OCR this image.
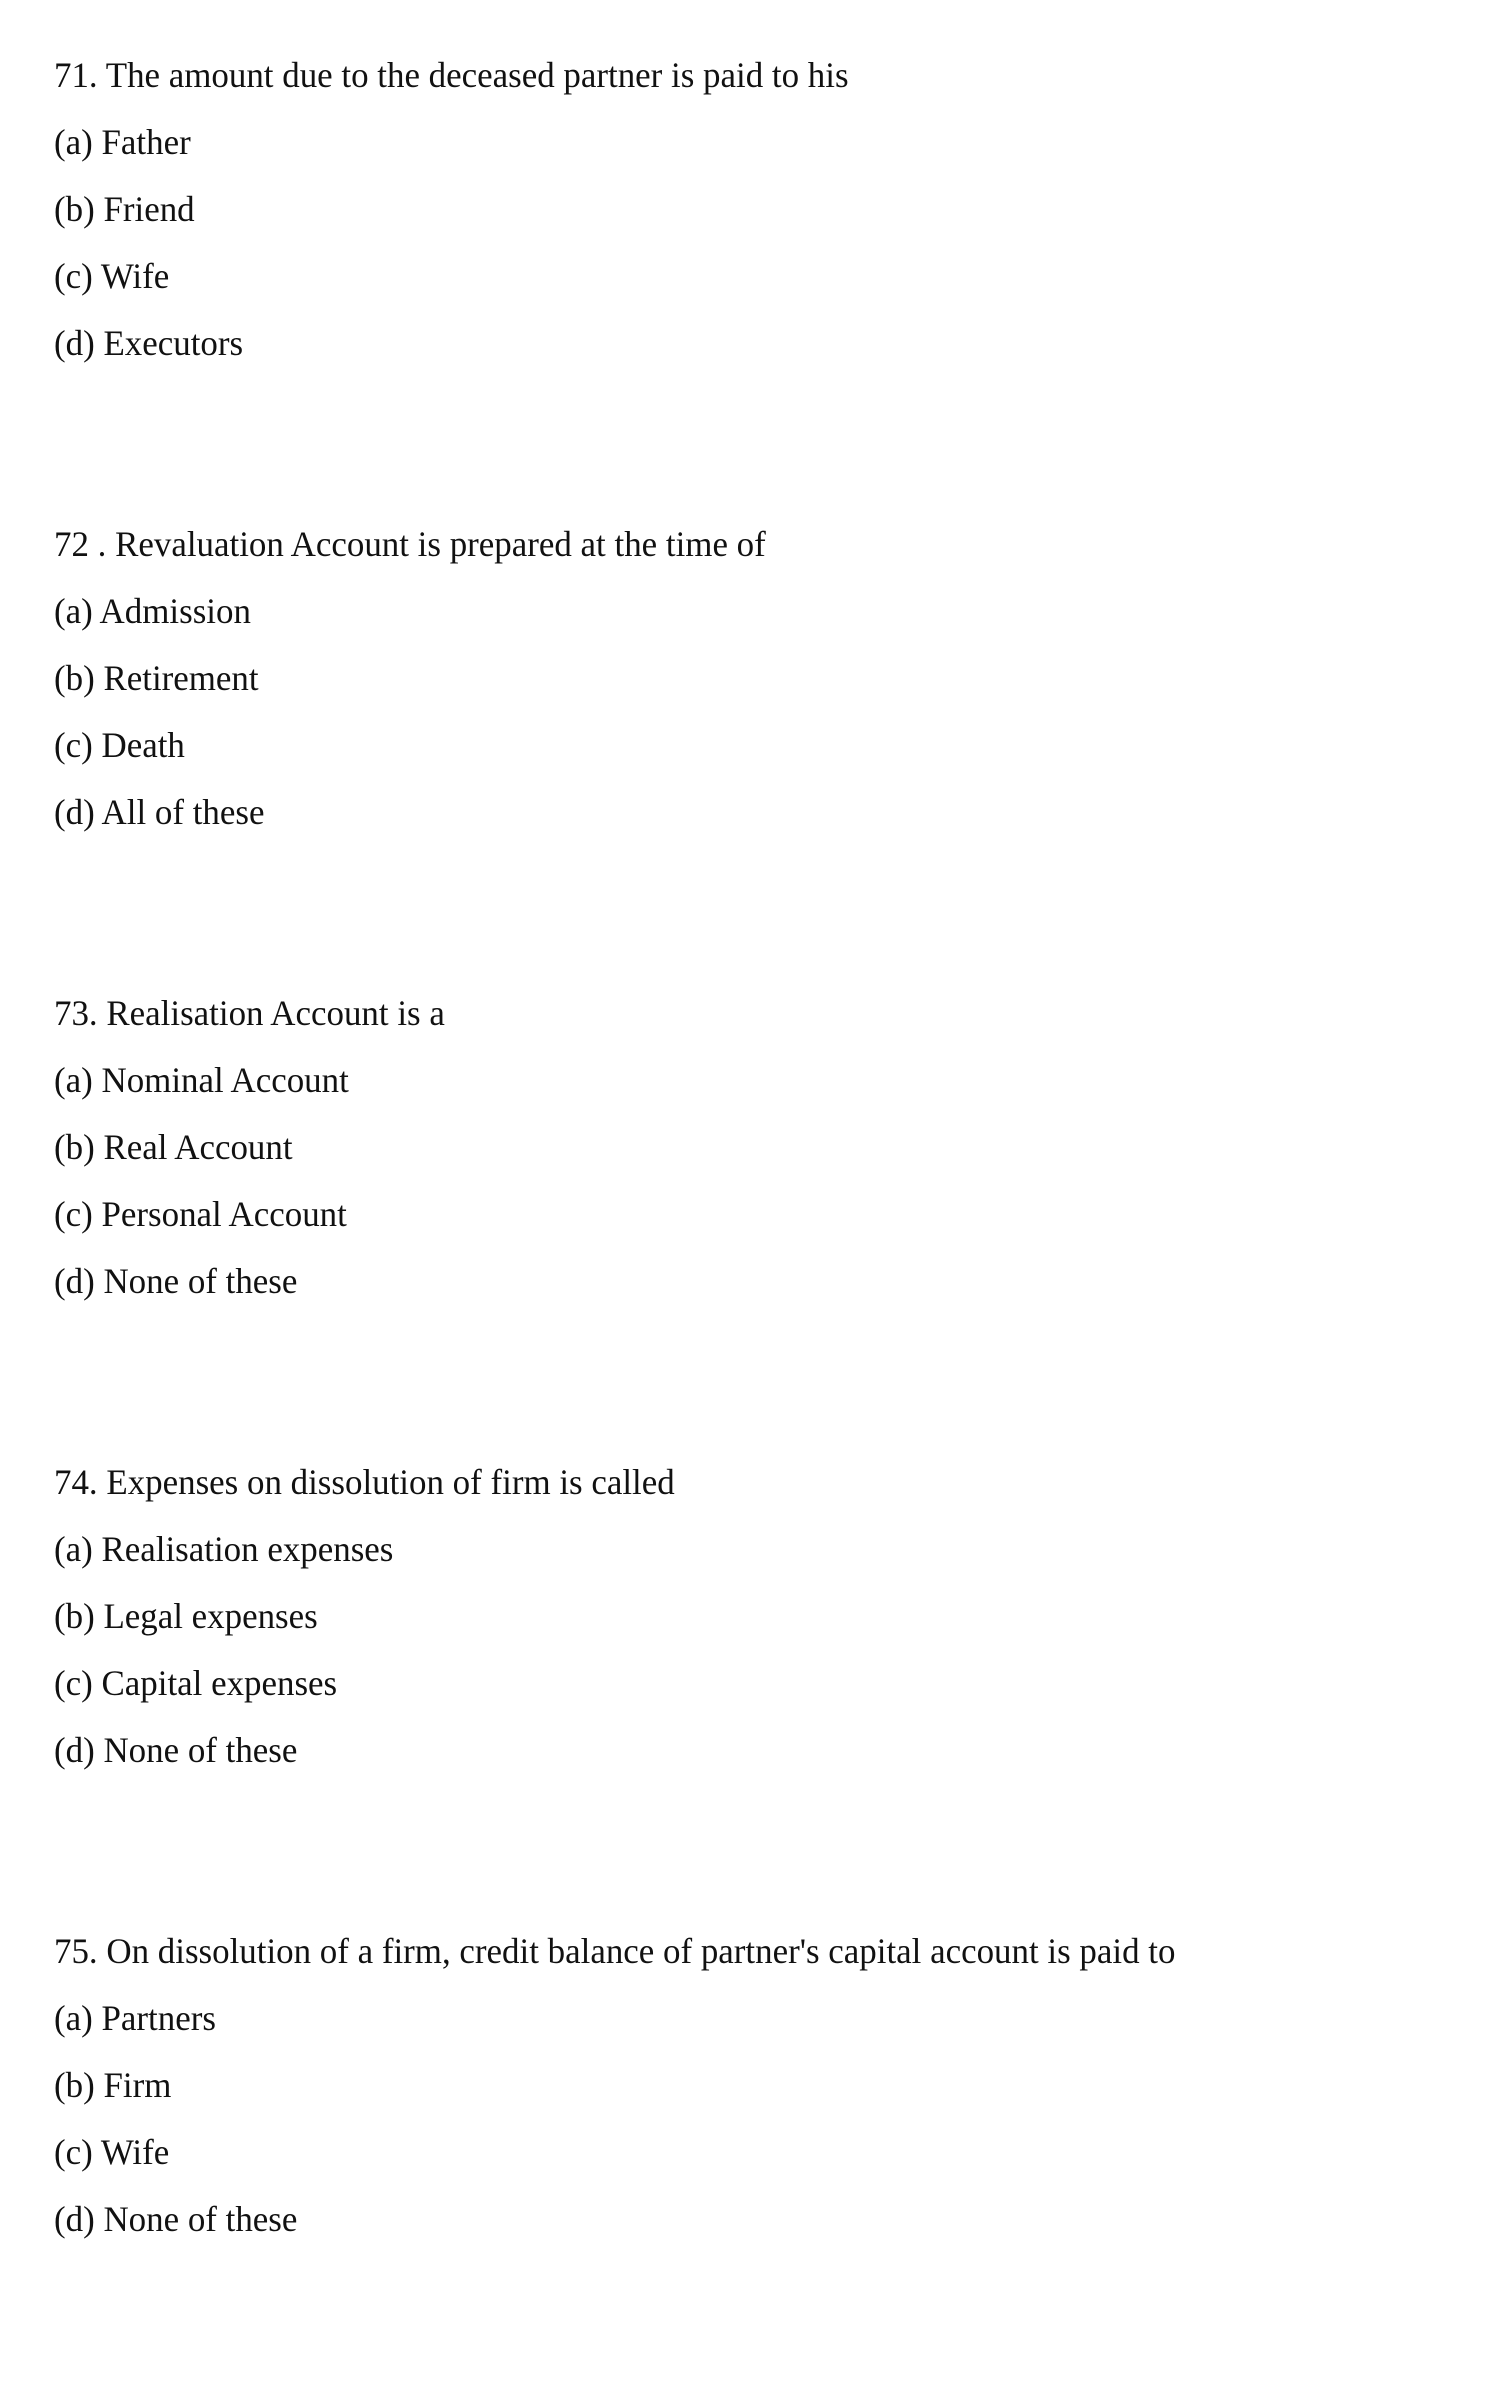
71. The amount due to the deceased partner is paid to his
(a) Father
(b) Friend
(c) Wife
(d) Executors
72 . Revaluation Account is prepared at the time of
(a) Admission
(b) Retirement
(c) Death
(d) All of these
73. Realisation Account is a
(a) Nominal Account
(b) Real Account
(c) Personal Account
(d) None of these
74. Expenses on dissolution of firm is called
(a) Realisation expenses
(b) Legal expenses
(c) Capital expenses
(d) None of these
75. On dissolution of a firm, credit balance of partner's capital account is paid to
(a) Partners
(b) Firm
(c) Wife
(d) None of these
